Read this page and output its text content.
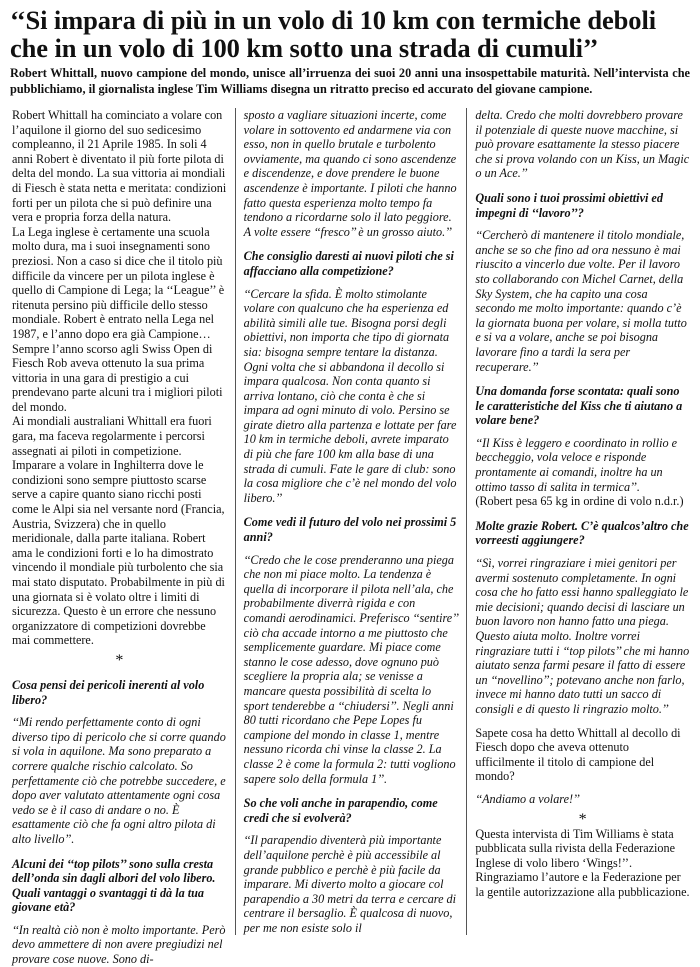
‘‘Si impara di più in un volo di 10 km con termiche deboli che in un volo di 100 km sotto una strada di cumuli’’

Robert Whittall, nuovo campione del mondo, unisce all’irruenza dei suoi 20 anni una insospettabile maturità. Nell’intervista che pubblichiamo, il giornalista inglese Tim Williams disegna un ritratto preciso ed accurato del giovane campione.

Robert Whittall ha cominciato a volare con l’aquilone il giorno del suo sedicesimo compleanno, il 21 Aprile 1985. In soli 4 anni Robert è diventato il più forte pilota di delta del mondo. La sua vittoria ai mondiali di Fiesch è stata netta e meritata: condizioni forti per un pilota che si può definire una vera e propria forza della natura.

La Lega inglese è certamente una scuola molto dura, ma i suoi insegnamenti sono preziosi. Non a caso si dice che il titolo più difficile da vincere per un pilota inglese è quello di Campione di Lega; la ‘‘League’’ è ritenuta persino più difficile dello stesso mondiale. Robert è entrato nella Lega nel 1987, e l’anno dopo era già Campione…

Sempre l’anno scorso agli Swiss Open di Fiesch Rob aveva ottenuto la sua prima vittoria in una gara di prestigio a cui prendevano parte alcuni tra i migliori piloti del mondo.

Ai mondiali australiani Whittall era fuori gara, ma faceva regolarmente i percorsi assegnati ai piloti in competizione.

Imparare a volare in Inghilterra dove le condizioni sono sempre piuttosto scarse serve a capire quanto siano ricchi posti come le Alpi sia nel versante nord (Francia, Austria, Svizzera) che in quello meridionale, dalla parte italiana. Robert ama le condizioni forti e lo ha dimostrato vincendo il mondiale più turbolento che sia mai stato disputato. Probabilmente in più di una giornata si è volato oltre i limiti di sicurezza. Questo è un errore che nessuno organizzatore di competizioni dovrebbe mai commettere.

*

Cosa pensi dei pericoli inerenti al volo libero?

‘‘Mi rendo perfettamente conto di ogni diverso tipo di pericolo che si corre quando si vola in aquilone. Ma sono preparato a correre qualche rischio calcolato. So perfettamente ciò che potrebbe succedere, e dopo aver valutato attentamente ogni cosa vedo se è il caso di andare o no. È esattamente ciò che fa ogni altro pilota di alto livello’’.

Alcuni dei ‘‘top pilots’’ sono sulla cresta dell’onda sin dagli albori del volo libero. Quali vantaggi o svantaggi ti dà la tua giovane età?

‘‘In realtà ciò non è molto importante. Però devo ammettere di non avere pregiudizi nel provare cose nuove. Sono di-

sposto a vagliare situazioni incerte, come volare in sottovento ed andarmene via con esso, non in quello brutale e turbolento ovviamente, ma quando ci sono ascendenze e discendenze, e dove prendere le buone ascendenze è importante. I piloti che hanno fatto questa esperienza molto tempo fa tendono a ricordarne solo il lato peggiore. A volte essere ‘‘fresco’’ è un grosso aiuto.’’

Che consiglio daresti ai nuovi piloti che si affacciano alla competizione?

‘‘Cercare la sfida. È molto stimolante volare con qualcuno che ha esperienza ed abilità simili alle tue. Bisogna porsi degli obiettivi, non importa che tipo di giornata sia: bisogna sempre tentare la distanza. Ogni volta che si abbandona il decollo si impara qualcosa. Non conta quanto si arriva lontano, ciò che conta è che si impara ad ogni minuto di volo. Persino se girate dietro alla partenza e lottate per fare 10 km in termiche deboli, avrete imparato di più che fare 100 km alla base di una strada di cumuli. Fate le gare di club: sono la cosa migliore che c’è nel mondo del volo libero.’’

Come vedi il futuro del volo nei prossimi 5 anni?

‘‘Credo che le cose prenderanno una piega che non mi piace molto. La tendenza è quella di incorporare il pilota nell’ala, che probabilmente diverrà rigida e con comandi aerodinamici. Preferisco ‘‘sentire’’ ciò cha accade intorno a me piuttosto che semplicemente guardare. Mi piace come stanno le cose adesso, dove ognuno può scegliere la propria ala; se venisse a mancare questa possibilità di scelta lo sport tenderebbe a ‘‘chiudersi’’. Negli anni 80 tutti ricordano che Pepe Lopes fu campione del mondo in classe 1, mentre nessuno ricorda chi vinse la classe 2. La classe 2 è come la formula 2: tutti vogliono sapere solo della formula 1’’.

So che voli anche in parapendio, come credi che si evolverà?

‘‘Il parapendio diventerà più importante dell’aquilone perchè è più accessibile al grande pubblico e perchè è più facile da imparare. Mi diverto molto a giocare col parapendio a 30 metri da terra e cercare di centrare il bersaglio. È qualcosa di nuovo, per me non esiste solo il

delta. Credo che molti dovrebbero provare il potenziale di queste nuove macchine, si può provare esattamente la stesso piacere che si prova volando con un Kiss, un Magic o un Ace.’’

Quali sono i tuoi prossimi obiettivi ed impegni di ‘‘lavoro’’?

‘‘Cercherò di mantenere il titolo mondiale, anche se so che fino ad ora nessuno è mai riuscito a vincerlo due volte. Per il lavoro sto collaborando con Michel Carnet, della Sky System, che ha capito una cosa secondo me molto importante: quando c’è la giornata buona per volare, si molla tutto e si va a volare, anche se poi bisogna lavorare fino a tardi la sera per recuperare.’’

Una domanda forse scontata: quali sono le caratteristiche del Kiss che ti aiutano a volare bene?

‘‘Il Kiss è leggero e coordinato in rollio e beccheggio, vola veloce e risponde prontamente ai comandi, inoltre ha un ottimo tasso di salita in termica’’.

(Robert pesa 65 kg in ordine di volo n.d.r.)

Molte grazie Robert. C’è qualcos’altro che vorreesti aggiungere?

‘‘Sì, vorrei ringraziare i miei genitori per avermi sostenuto completamente. In ogni cosa che ho fatto essi hanno spalleggiato le mie decisioni; quando decisi di lasciare un buon lavoro non hanno fatto una piega. Questo aiuta molto. Inoltre vorrei ringraziare tutti i ‘‘top pilots’’ che mi hanno aiutato senza farmi pesare il fatto di essere un ‘‘novellino’’; potevano anche non farlo, invece mi hanno dato tutti un sacco di consigli e di questo li ringrazio molto.’’

Sapete cosa ha detto Whittall al decollo di Fiesch dopo che aveva ottenuto ufficilmente il titolo di campione del mondo?

‘‘Andiamo a volare!’’

*

Questa intervista di Tim Williams è stata pubblicata sulla rivista della Federazione Inglese di volo libero ‘Wings!’’. Ringraziamo l’autore e la Federazione per la gentile autorizzazione alla pubblicazione.
